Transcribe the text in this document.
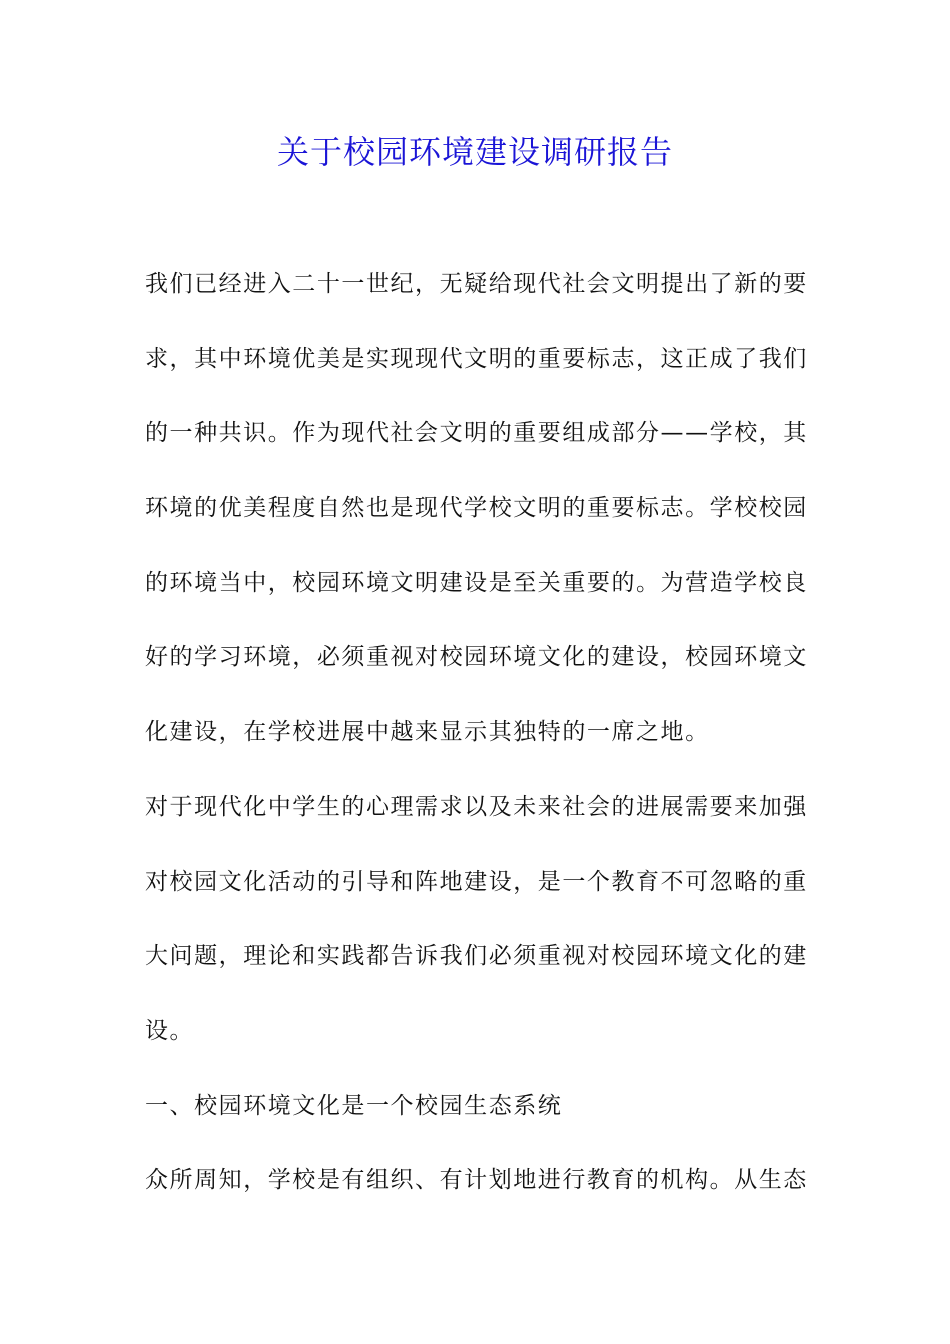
关于校园环境建设调研报告
我们已经进入二十一世纪，无疑给现代社会文明提出了新的要
求，其中环境优美是实现现代文明的重要标志，这正成了我们
的一种共识。作为现代社会文明的重要组成部分——学校，其
环境的优美程度自然也是现代学校文明的重要标志。学校校园
的环境当中，校园环境文明建设是至关重要的。为营造学校良
好的学习环境，必须重视对校园环境文化的建设，校园环境文
化建设，在学校进展中越来显示其独特的一席之地。
对于现代化中学生的心理需求以及未来社会的进展需要来加强
对校园文化活动的引导和阵地建设，是一个教育不可忽略的重
大问题，理论和实践都告诉我们必须重视对校园环境文化的建
设。
一、校园环境文化是一个校园生态系统
众所周知，学校是有组织、有计划地进行教育的机构。从生态
